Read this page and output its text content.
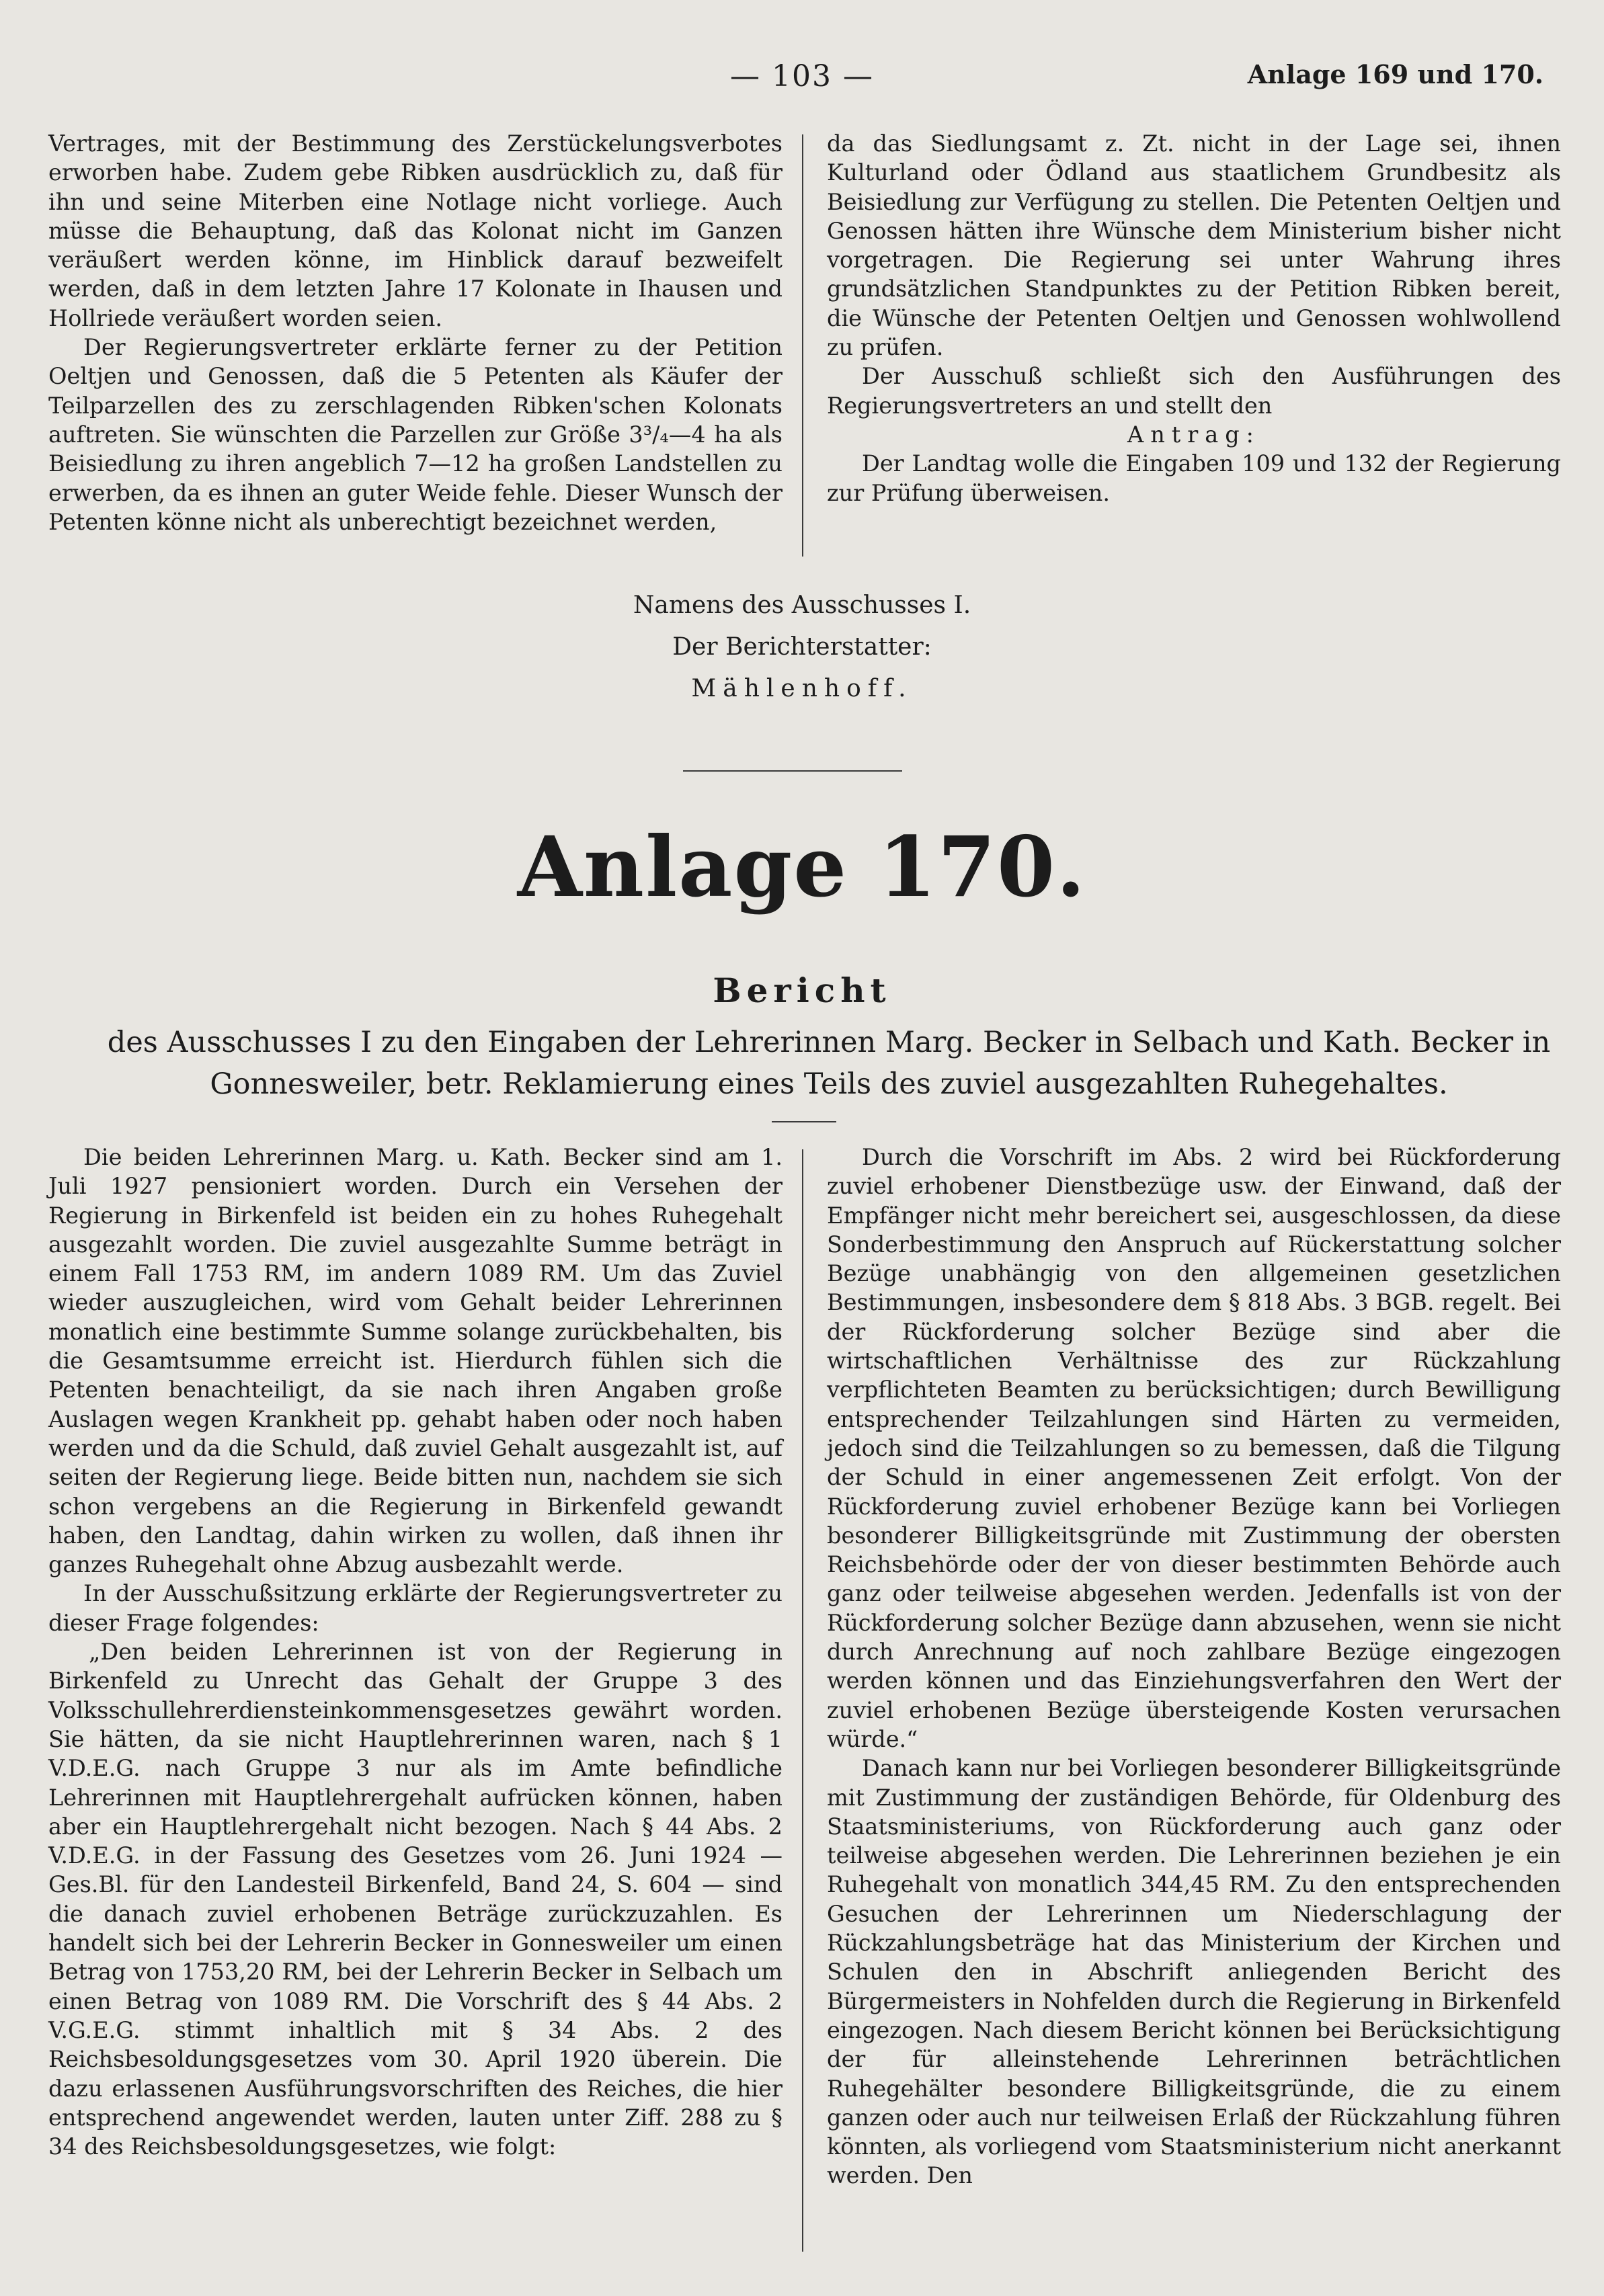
— 103 —	Anlage 169 und 170.

Vertrages, mit der Bestimmung des Zerstückelungsverbotes erworben habe. Zudem gebe Ribken ausdrücklich zu, daß für ihn und seine Miterben eine Notlage nicht vorliege. Auch müsse die Behauptung, daß das Kolonat nicht im Ganzen veräußert werden könne, im Hinblick darauf bezweifelt werden, daß in dem letzten Jahre 17 Kolonate in Ihausen und Hollriede veräußert worden seien.

Der Regierungsvertreter erklärte ferner zu der Petition Oeltjen und Genossen, daß die 5 Petenten als Käufer der Teilparzellen des zu zerschlagenden Ribken'schen Kolonats auftreten. Sie wünschten die Parzellen zur Größe 3³/₄—4 ha als Beisiedlung zu ihren angeblich 7—12 ha großen Landstellen zu erwerben, da es ihnen an guter Weide fehle. Dieser Wunsch der Petenten könne nicht als unberechtigt bezeichnet werden,

da das Siedlungsamt z. Zt. nicht in der Lage sei, ihnen Kulturland oder Ödland aus staatlichem Grundbesitz als Beisiedlung zur Verfügung zu stellen. Die Petenten Oeltjen und Genossen hätten ihre Wünsche dem Ministerium bisher nicht vorgetragen. Die Regierung sei unter Wahrung ihres grundsätzlichen Standpunktes zu der Petition Ribken bereit, die Wünsche der Petenten Oeltjen und Genossen wohlwollend zu prüfen.

Der Ausschuß schließt sich den Ausführungen des Regierungsvertreters an und stellt den

Antrag:

Der Landtag wolle die Eingaben 109 und 132 der Regierung zur Prüfung überweisen.

Namens des Ausschusses I.
Der Berichterstatter:
Mählenhoff.
Anlage 170.
Bericht
des Ausschusses I zu den Eingaben der Lehrerinnen Marg. Becker in Selbach und Kath. Becker in Gonnesweiler, betr. Reklamierung eines Teils des zuviel ausgezahlten Ruhegehaltes.

Die beiden Lehrerinnen Marg. u. Kath. Becker sind am 1. Juli 1927 pensioniert worden. Durch ein Versehen der Regierung in Birkenfeld ist beiden ein zu hohes Ruhegehalt ausgezahlt worden. Die zuviel ausgezahlte Summe beträgt in einem Fall 1753 RM, im andern 1089 RM. Um das Zuviel wieder auszugleichen, wird vom Gehalt beider Lehrerinnen monatlich eine bestimmte Summe solange zurückbehalten, bis die Gesamtsumme erreicht ist. Hierdurch fühlen sich die Petenten benachteiligt, da sie nach ihren Angaben große Auslagen wegen Krankheit pp. gehabt haben oder noch haben werden und da die Schuld, daß zuviel Gehalt ausgezahlt ist, auf seiten der Regierung liege. Beide bitten nun, nachdem sie sich schon vergebens an die Regierung in Birkenfeld gewandt haben, den Landtag, dahin wirken zu wollen, daß ihnen ihr ganzes Ruhegehalt ohne Abzug ausbezahlt werde.

In der Ausschußsitzung erklärte der Regierungsvertreter zu dieser Frage folgendes:

„Den beiden Lehrerinnen ist von der Regierung in Birkenfeld zu Unrecht das Gehalt der Gruppe 3 des Volksschullehrerdiensteinkommensgesetzes gewährt worden. Sie hätten, da sie nicht Hauptlehrerinnen waren, nach § 1 V.D.E.G. nach Gruppe 3 nur als im Amte befindliche Lehrerinnen mit Hauptlehrergehalt aufrücken können, haben aber ein Hauptlehrergehalt nicht bezogen. Nach § 44 Abs. 2 V.D.E.G. in der Fassung des Gesetzes vom 26. Juni 1924 — Ges.Bl. für den Landesteil Birkenfeld, Band 24, S. 604 — sind die danach zuviel erhobenen Beträge zurückzuzahlen. Es handelt sich bei der Lehrerin Becker in Gonnesweiler um einen Betrag von 1753,20 RM, bei der Lehrerin Becker in Selbach um einen Betrag von 1089 RM. Die Vorschrift des § 44 Abs. 2 V.G.E.G. stimmt inhaltlich mit § 34 Abs. 2 des Reichsbesoldungsgesetzes vom 30. April 1920 überein. Die dazu erlassenen Ausführungsvorschriften des Reiches, die hier entsprechend angewendet werden, lauten unter Ziff. 288 zu § 34 des Reichsbesoldungsgesetzes, wie folgt:

Durch die Vorschrift im Abs. 2 wird bei Rückforderung zuviel erhobener Dienstbezüge usw. der Einwand, daß der Empfänger nicht mehr bereichert sei, ausgeschlossen, da diese Sonderbestimmung den Anspruch auf Rückerstattung solcher Bezüge unabhängig von den allgemeinen gesetzlichen Bestimmungen, insbesondere dem § 818 Abs. 3 BGB. regelt. Bei der Rückforderung solcher Bezüge sind aber die wirtschaftlichen Verhältnisse des zur Rückzahlung verpflichteten Beamten zu berücksichtigen; durch Bewilligung entsprechender Teilzahlungen sind Härten zu vermeiden, jedoch sind die Teilzahlungen so zu bemessen, daß die Tilgung der Schuld in einer angemessenen Zeit erfolgt. Von der Rückforderung zuviel erhobener Bezüge kann bei Vorliegen besonderer Billigkeitsgründe mit Zustimmung der obersten Reichsbehörde oder der von dieser bestimmten Behörde auch ganz oder teilweise abgesehen werden. Jedenfalls ist von der Rückforderung solcher Bezüge dann abzusehen, wenn sie nicht durch Anrechnung auf noch zahlbare Bezüge eingezogen werden können und das Einziehungsverfahren den Wert der zuviel erhobenen Bezüge übersteigende Kosten verursachen würde.“

Danach kann nur bei Vorliegen besonderer Billigkeitsgründe mit Zustimmung der zuständigen Behörde, für Oldenburg des Staatsministeriums, von Rückforderung auch ganz oder teilweise abgesehen werden. Die Lehrerinnen beziehen je ein Ruhegehalt von monatlich 344,45 RM. Zu den entsprechenden Gesuchen der Lehrerinnen um Niederschlagung der Rückzahlungsbeträge hat das Ministerium der Kirchen und Schulen den in Abschrift anliegenden Bericht des Bürgermeisters in Nohfelden durch die Regierung in Birkenfeld eingezogen. Nach diesem Bericht können bei Berücksichtigung der für alleinstehende Lehrerinnen beträchtlichen Ruhegehälter besondere Billigkeitsgründe, die zu einem ganzen oder auch nur teilweisen Erlaß der Rückzahlung führen könnten, als vorliegend vom Staatsministerium nicht anerkannt werden. Den
